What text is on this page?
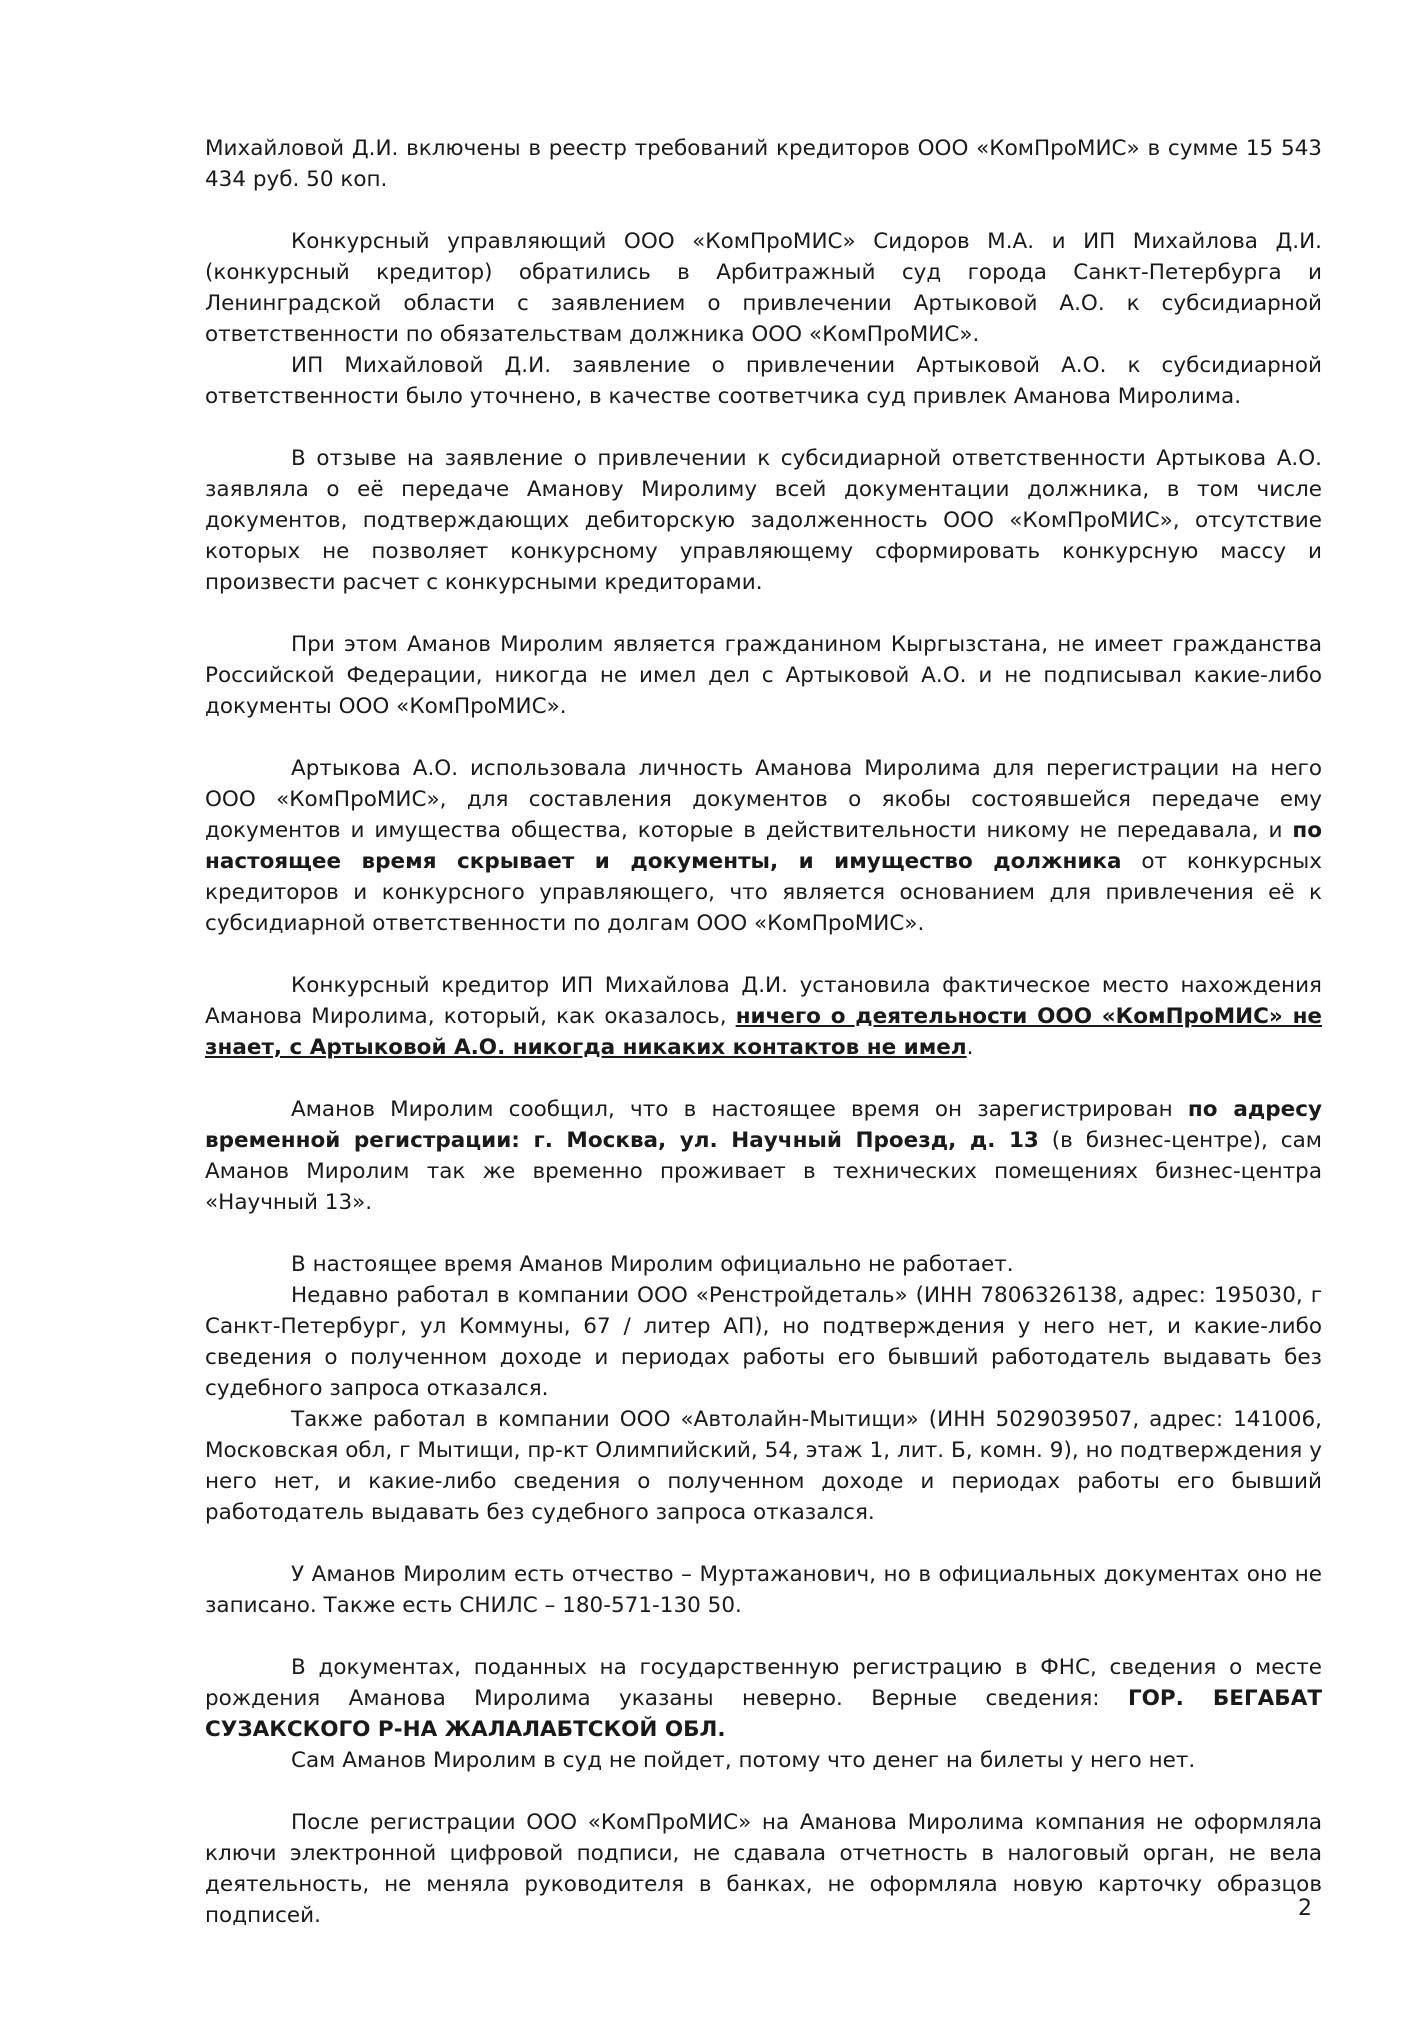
Михайловой Д.И. включены в реестр требований кредиторов ООО «КомПроМИС» в сумме 15 543 434 руб. 50 коп.

Конкурсный управляющий ООО «КомПроМИС» Сидоров М.А. и ИП Михайлова Д.И. (конкурсный кредитор) обратились в Арбитражный суд города Санкт-Петербурга и Ленинградской области с заявлением о привлечении Артыковой А.О. к субсидиарной ответственности по обязательствам должника ООО «КомПроМИС».

ИП Михайловой Д.И. заявление о привлечении Артыковой А.О. к субсидиарной ответственности было уточнено, в качестве соответчика суд привлек Аманова Миролима.

В отзыве на заявление о привлечении к субсидиарной ответственности Артыкова А.О. заявляла о её передаче Аманову Миролиму всей документации должника, в том числе документов, подтверждающих дебиторскую задолженность ООО «КомПроМИС», отсутствие которых не позволяет конкурсному управляющему сформировать конкурсную массу и произвести расчет с конкурсными кредиторами.

При этом Аманов Миролим является гражданином Кыргызстана, не имеет гражданства Российской Федерации, никогда не имел дел с Артыковой А.О. и не подписывал какие-либо документы ООО «КомПроМИС».

Артыкова А.О. использовала личность Аманова Миролима для перегистрации на него ООО «КомПроМИС», для составления документов о якобы состоявшейся передаче ему документов и имущества общества, которые в действительности никому не передавала, и по настоящее время скрывает и документы, и имущество должника от конкурсных кредиторов и конкурсного управляющего, что является основанием для привлечения её к субсидиарной ответственности по долгам ООО «КомПроМИС».

Конкурсный кредитор ИП Михайлова Д.И. установила фактическое место нахождения Аманова Миролима, который, как оказалось, ничего о деятельности ООО «КомПроМИС» не знает, с Артыковой А.О. никогда никаких контактов не имел.

Аманов Миролим сообщил, что в настоящее время он зарегистрирован по адресу временной регистрации: г. Москва, ул. Научный Проезд, д. 13 (в бизнес-центре), сам Аманов Миролим так же временно проживает в технических помещениях бизнес-центра «Научный 13».

В настоящее время Аманов Миролим официально не работает.

Недавно работал в компании ООО «Ренстройдеталь» (ИНН 7806326138, адрес: 195030, г Санкт-Петербург, ул Коммуны, 67 / литер АП), но подтверждения у него нет, и какие-либо сведения о полученном доходе и периодах работы его бывший работодатель выдавать без судебного запроса отказался.

Также работал в компании ООО «Автолайн-Мытищи» (ИНН 5029039507, адрес: 141006, Московская обл, г Мытищи, пр-кт Олимпийский, 54, этаж 1, лит. Б, комн. 9), но подтверждения у него нет, и какие-либо сведения о полученном доходе и периодах работы его бывший работодатель выдавать без судебного запроса отказался.

У Аманов Миролим есть отчество – Муртажанович, но в официальных документах оно не записано. Также есть СНИЛС – 180-571-130 50.

В документах, поданных на государственную регистрацию в ФНС, сведения о месте рождения Аманова Миролима указаны неверно. Верные сведения: ГОР. БЕГАБАТ СУЗАКСКОГО Р-НА ЖАЛАЛАБТСКОЙ ОБЛ.

Сам Аманов Миролим в суд не пойдет, потому что денег на билеты у него нет.

После регистрации ООО «КомПроМИС» на Аманова Миролима компания не оформляла ключи электронной цифровой подписи, не сдавала отчетность в налоговый орган, не вела деятельность, не меняла руководителя в банках, не оформляла новую карточку образцов подписей.	2
